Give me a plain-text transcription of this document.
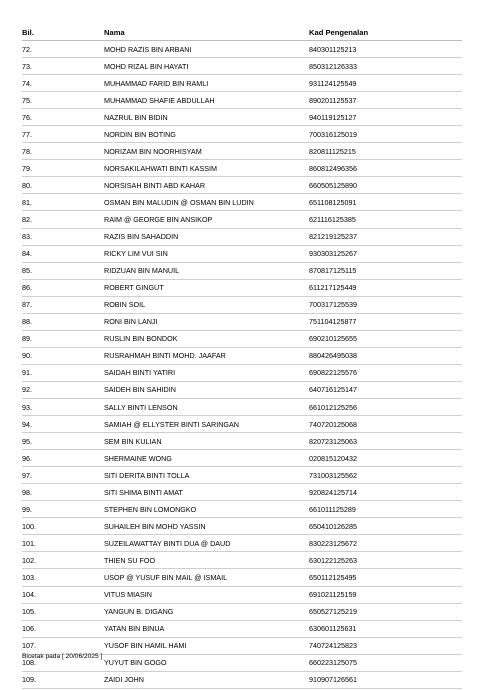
Bil.	Nama	Kad Pengenalan
72.	MOHD RAZIS BIN ARBANI	840301125213
73.	MOHD RIZAL BIN HAYATI	850312126333
74.	MUHAMMAD FARID BIN RAMLI	931124125549
75.	MUHAMMAD SHAFIE ABDULLAH	890201125537
76.	NAZRUL BIN BIDIN	940119125127
77.	NORDIN BIN BOTING	700316125019
78.	NORIZAM BIN NOORHISYAM	820811125215
79.	NORSAKILAHWATI BINTI KASSIM	860812496356
80.	NORSISAH BINTI ABD KAHAR	660505125890
81.	OSMAN BIN MALUDIN @ OSMAN BIN LUDIN	651108125091
82.	RAIM @ GEORGE BIN ANSIKOP	621116125385
83.	RAZIS BIN SAHADDIN	821219125237
84.	RICKY LIM VUI SIN	930303125267
85.	RIDZUAN BIN MANUIL	870817125115
86.	ROBERT GINGUT	611217125449
87.	ROBIN SOIL	700317125539
88.	RONI BIN LANJI	751104125877
89.	RUSLIN BIN BONDOK	690210125655
90.	RUSRAHMAH BINTI MOHD. JAAFAR	880426495038
91.	SAIDAH BINTI YATIRI	690822125576
92.	SAIDEH BIN SAHIDIN	640716125147
93.	SALLY BINTI LENSON	661012125256
94.	SAMIAH @ ELLYSTER BINTI SARINGAN	740720125068
95.	SEM BIN KULIAN	820723125063
96.	SHERMAINE WONG	020815120432
97.	SITI DERITA BINTI TOLLA	731003125562
98.	SITI SHIMA BINTI AMAT	920824125714
99.	STEPHEN BIN LOMONGKO	661011125289
100.	SUHAILEH BIN MOHD YASSIN	650410126285
101.	SUZEILAWATTAY BINTI DUA @ DAUD	830223125672
102.	THIEN SU FOO	630122125263
103.	USOP @ YUSUF BIN MAIL @ ISMAIL	650112125495
104.	VITUS MIASIN	691021125159
105.	YANGUN B. DIGANG	650527125219
106.	YATAN BIN BINUA	630601125631
107.	YUSOF BIN HAMIL HAMI	740724125823
108.	YUYUT BIN GOGO	660223125075
109.	ZAIDI JOHN	910907126561
Bicetak pada [ 20/06/2025 ]
